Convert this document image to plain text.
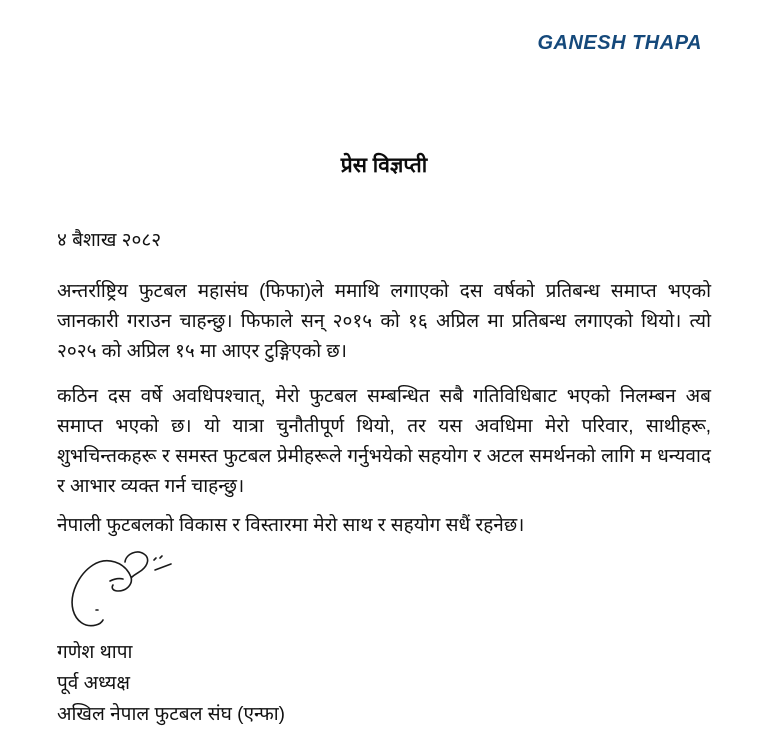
GANESH THAPA
प्रेस विज्ञप्ती
४ बैशाख २०८२
अन्तर्राष्ट्रिय फुटबल महासंघ (फिफा)ले ममाथि लगाएको दस वर्षको प्रतिबन्ध समाप्त भएको जानकारी गराउन चाहन्छु। फिफाले सन् २०१५ को १६ अप्रिल मा प्रतिबन्ध लगाएको थियो। त्यो २०२५ को अप्रिल १५ मा आएर टुङ्गिएको छ।
कठिन दस वर्षे अवधिपश्चात्, मेरो फुटबल सम्बन्धित सबै गतिविधिबाट भएको निलम्बन अब समाप्त भएको छ। यो यात्रा चुनौतीपूर्ण थियो, तर यस अवधिमा मेरो परिवार, साथीहरू, शुभचिन्तकहरू र समस्त फुटबल प्रेमीहरूले गर्नुभयेको सहयोग र अटल समर्थनको लागि म धन्यवाद र आभार व्यक्त गर्न चाहन्छु।
नेपाली फुटबलको विकास र विस्तारमा मेरो साथ र सहयोग सधैं रहनेछ।
गणेश थापा
पूर्व अध्यक्ष
अखिल नेपाल फुटबल संघ (एन्फा)
